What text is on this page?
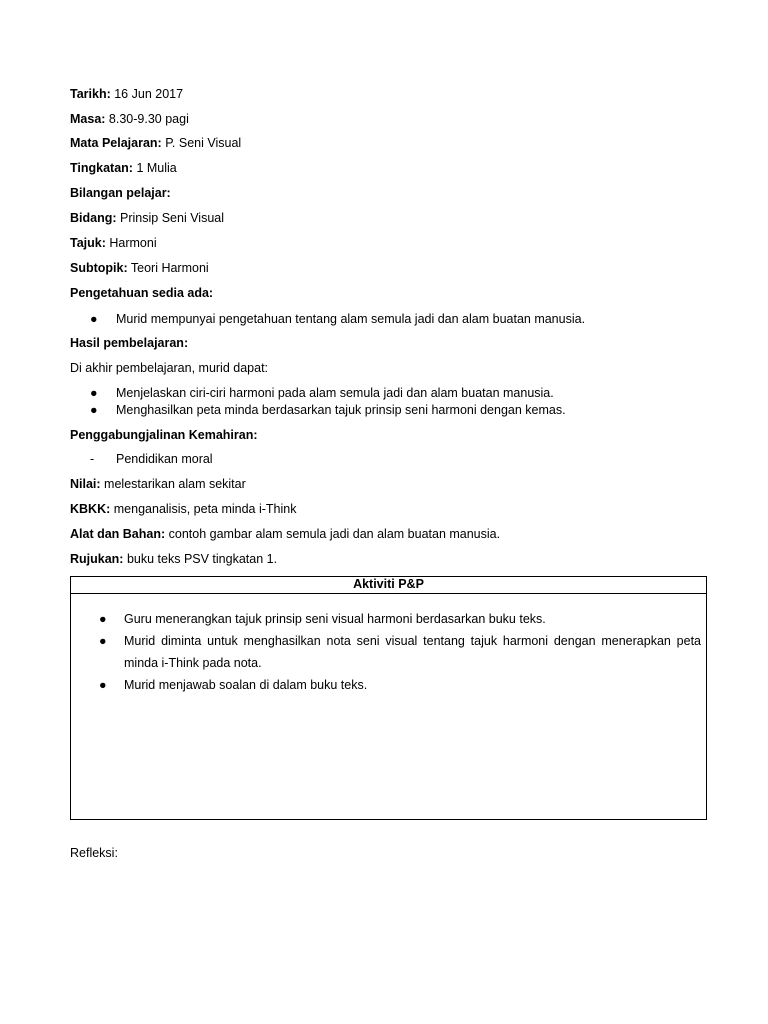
Tarikh: 16 Jun 2017
Masa: 8.30-9.30 pagi
Mata Pelajaran: P. Seni Visual
Tingkatan: 1 Mulia
Bilangan pelajar:
Bidang: Prinsip Seni Visual
Tajuk: Harmoni
Subtopik: Teori Harmoni
Pengetahuan sedia ada:
●	Murid mempunyai pengetahuan tentang alam semula jadi dan alam buatan manusia.
Hasil pembelajaran:
Di akhir pembelajaran, murid dapat:
●	Menjelaskan ciri-ciri harmoni pada alam semula jadi dan alam buatan manusia.
●	Menghasilkan peta minda berdasarkan tajuk prinsip seni harmoni dengan kemas.
Penggabungjalinan Kemahiran:
-	Pendidikan moral
Nilai: melestarikan alam sekitar
KBKK: menganalisis, peta minda i-Think
Alat dan Bahan: contoh gambar alam semula jadi dan alam buatan manusia.
Rujukan: buku teks PSV tingkatan 1.
Aktiviti P&P
● Guru menerangkan tajuk prinsip seni visual harmoni berdasarkan buku teks.
● Murid diminta untuk menghasilkan nota seni visual tentang tajuk harmoni dengan menerapkan peta minda i-Think pada nota.
● Murid menjawab soalan di dalam buku teks.
Refleksi:
